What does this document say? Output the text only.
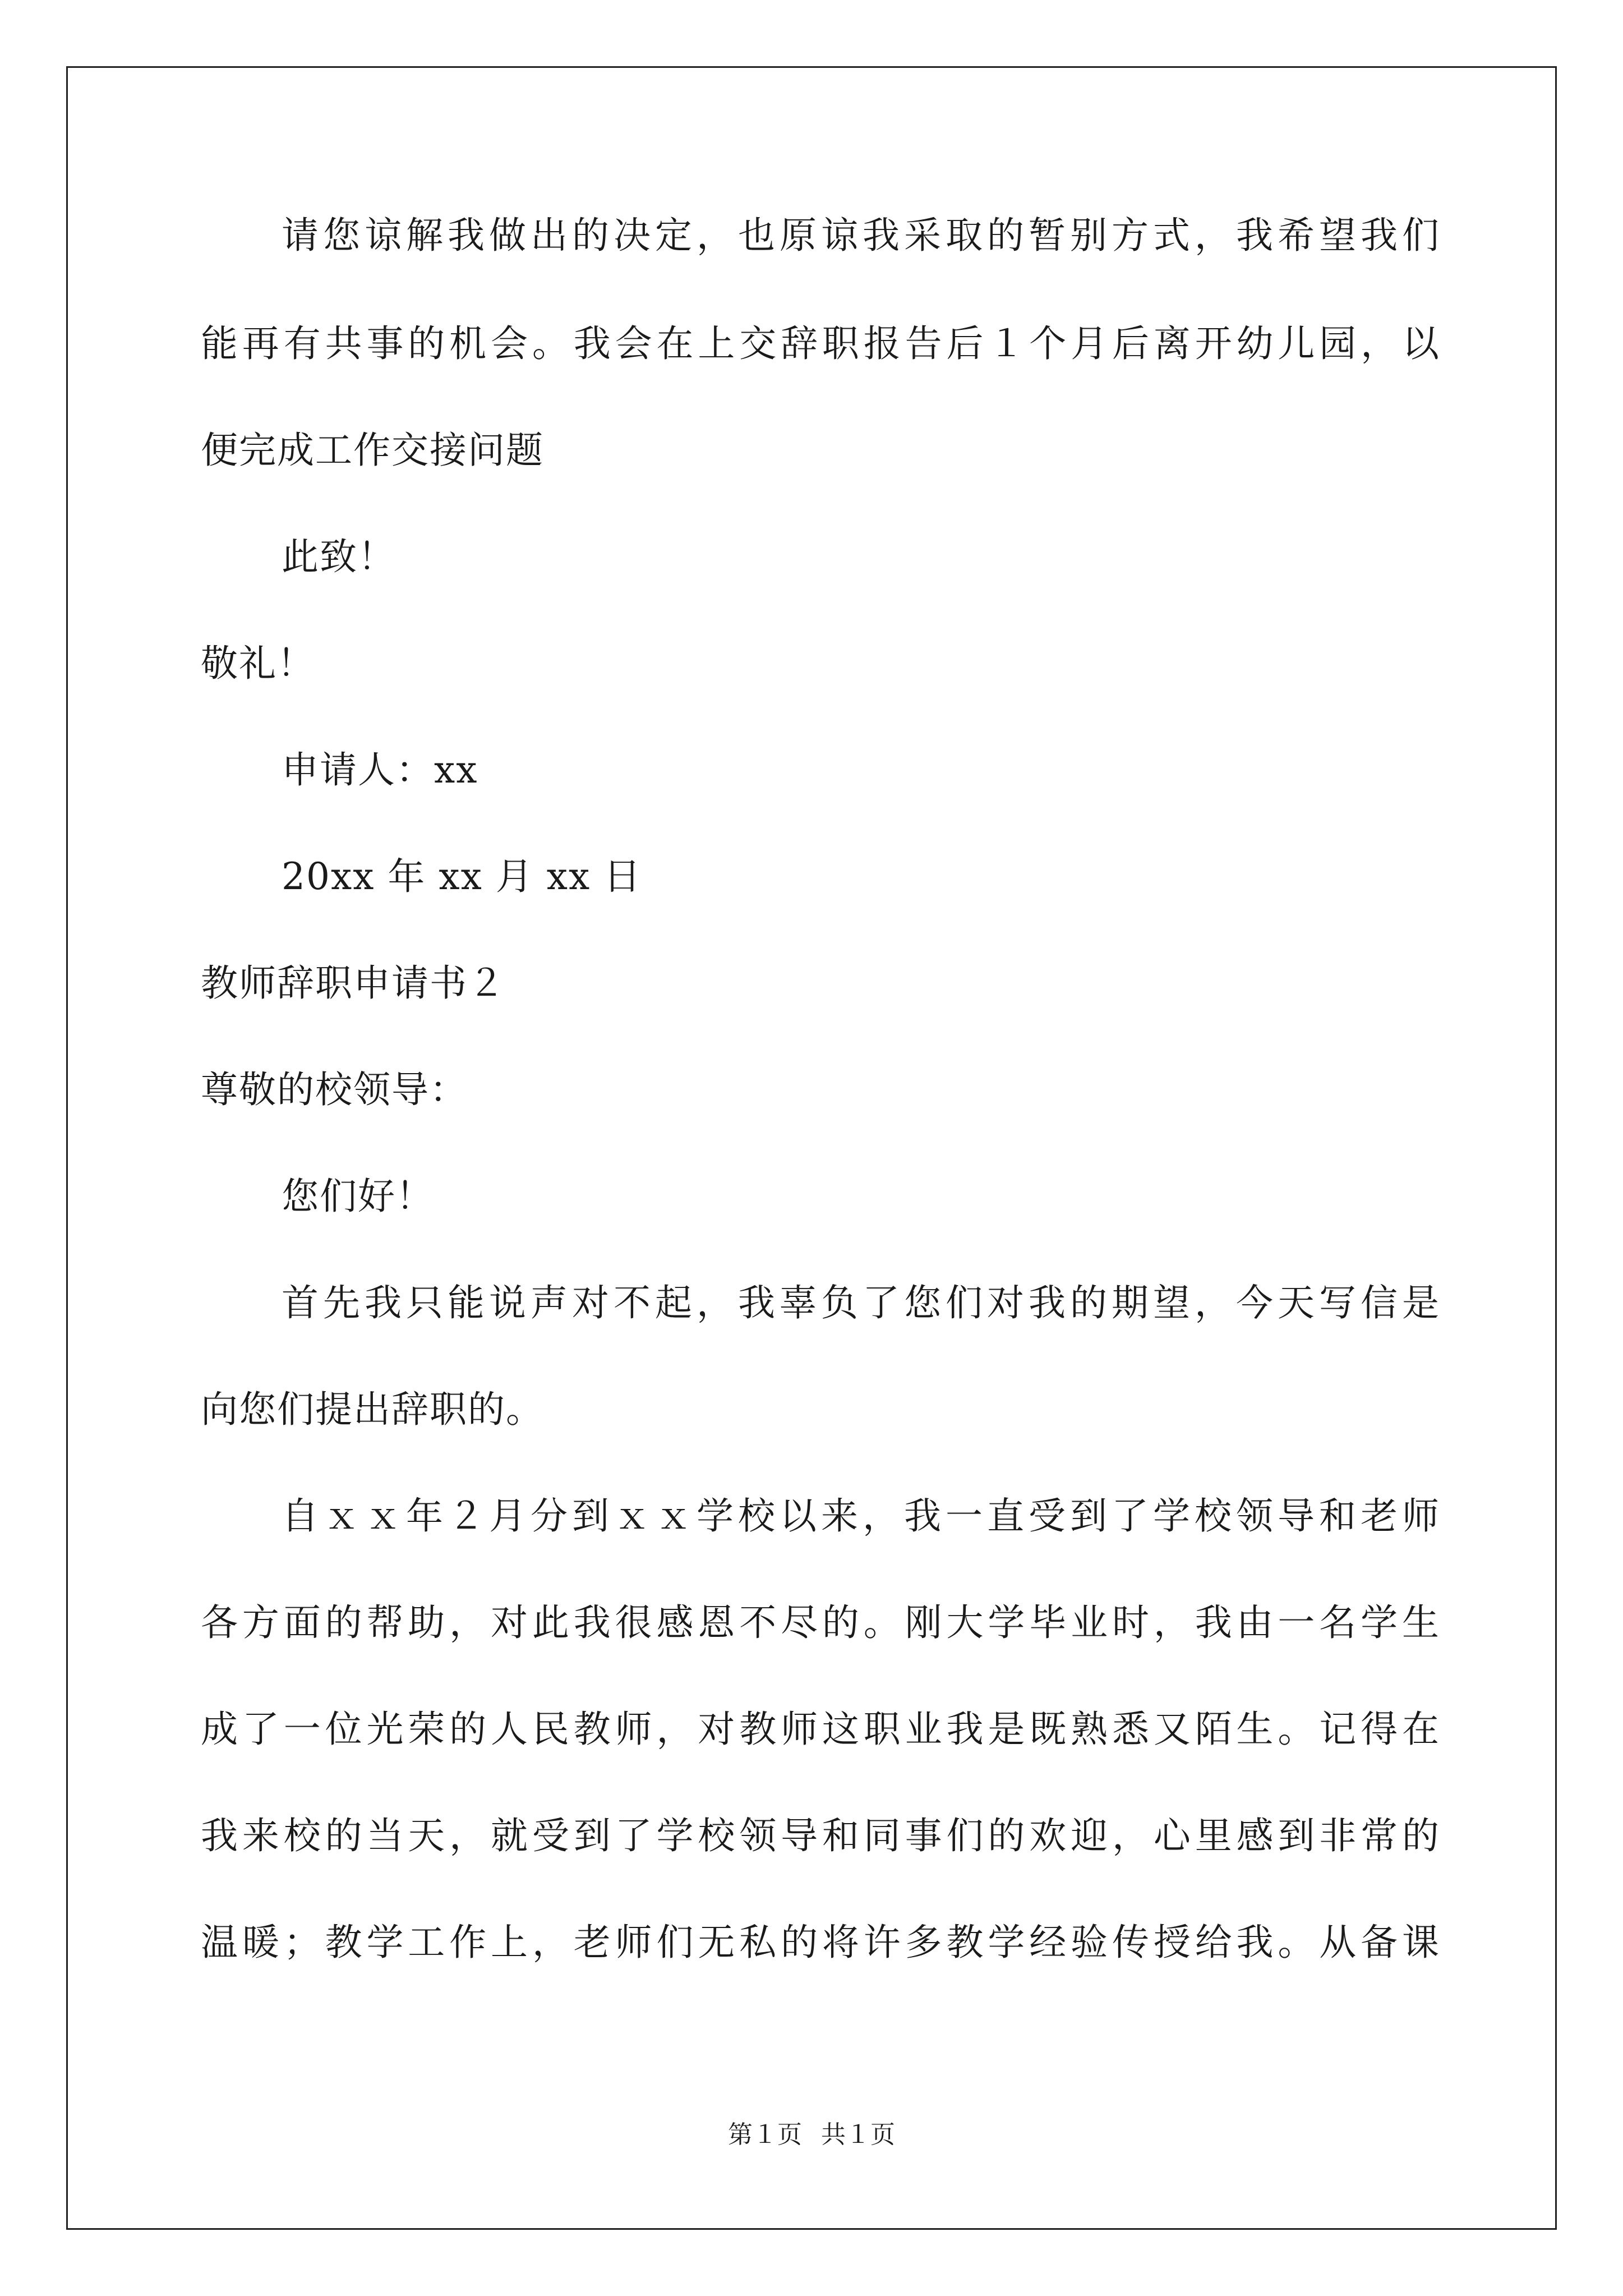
请您谅解我做出的决定，也原谅我采取的暂别方式，我希望我们
能再有共事的机会。我会在上交辞职报告后１个月后离开幼儿园，以
便完成工作交接问题
此致！
敬礼！
申请人：xx
20xx 年 xx 月 xx 日
教师辞职申请书２
尊敬的校领导：
您们好！
首先我只能说声对不起，我辜负了您们对我的期望，今天写信是
向您们提出辞职的。
自ｘｘ年２月分到ｘｘ学校以来，我一直受到了学校领导和老师
各方面的帮助，对此我很感恩不尽的。刚大学毕业时，我由一名学生
成了一位光荣的人民教师，对教师这职业我是既熟悉又陌生。记得在
我来校的当天，就受到了学校领导和同事们的欢迎，心里感到非常的
温暖；教学工作上，老师们无私的将许多教学经验传授给我。从备课
第１页 共１页
